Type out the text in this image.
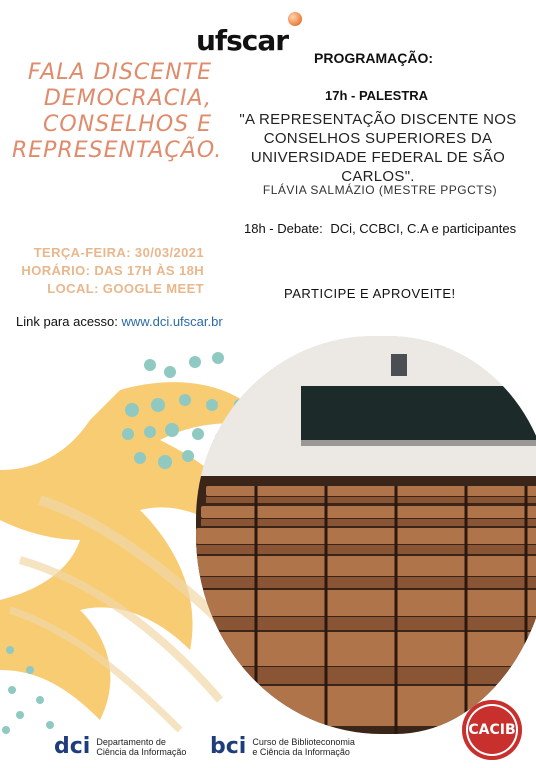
ufscar
FALA DISCENTE
DEMOCRACIA,
CONSELHOS E
REPRESENTAÇÃO.
PROGRAMAÇÃO:
17h - PALESTRA
"A REPRESENTAÇÃO DISCENTE NOS CONSELHOS SUPERIORES DA UNIVERSIDADE FEDERAL DE SÃO CARLOS".
FLÁVIA SALMÁZIO (MESTRE PPGCTS)
18h - Debate: DCi, CCBCI, C.A e participantes
TERÇA-FEIRA: 30/03/2021
HORÁRIO: DAS 17H ÀS 18H
LOCAL: GOOGLE MEET	PARTICIPE E APROVEITE!
Link para acesso: www.dci.ufscar.br
dci Departamento de
Ciência da Informação bci Curso de Biblioteconomia
e Ciência da Informação
CACIB
